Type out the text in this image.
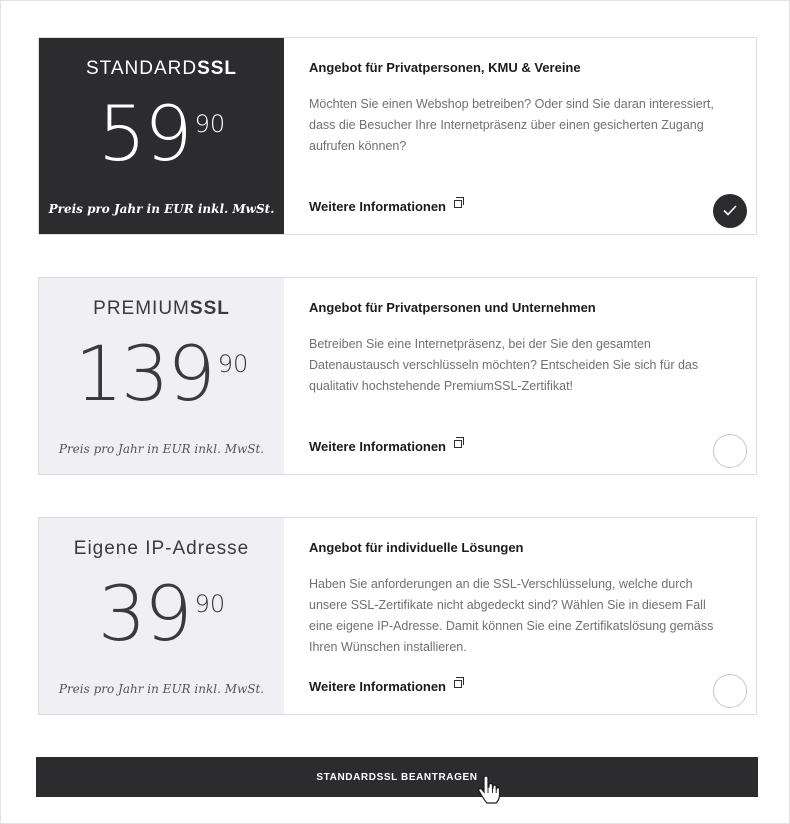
STANDARDSSL
59 90
Preis pro Jahr in EUR inkl. MwSt.
Angebot für Privatpersonen, KMU & Vereine

Möchten Sie einen Webshop betreiben? Oder sind Sie daran interessiert, dass die Besucher Ihre Internetpräsenz über einen gesicherten Zugang aufrufen können?

Weitere Informationen
PREMIUMSSL
139 90
Preis pro Jahr in EUR inkl. MwSt.
Angebot für Privatpersonen und Unternehmen

Betreiben Sie eine Internetpräsenz, bei der Sie den gesamten Datenaustausch verschlüsseln möchten? Entscheiden Sie sich für das qualitativ hochstehende PremiumSSL-Zertifikat!

Weitere Informationen
Eigene IP-Adresse
39 90
Preis pro Jahr in EUR inkl. MwSt.
Angebot für individuelle Lösungen

Haben Sie anforderungen an die SSL-Verschlüsselung, welche durch unsere SSL-Zertifikate nicht abgedeckt sind? Wählen Sie in diesem Fall eine eigene IP-Adresse. Damit können Sie eine Zertifikatslösung gemäss Ihren Wünschen installieren.

Weitere Informationen
STANDARDSSL BEANTRAGEN
